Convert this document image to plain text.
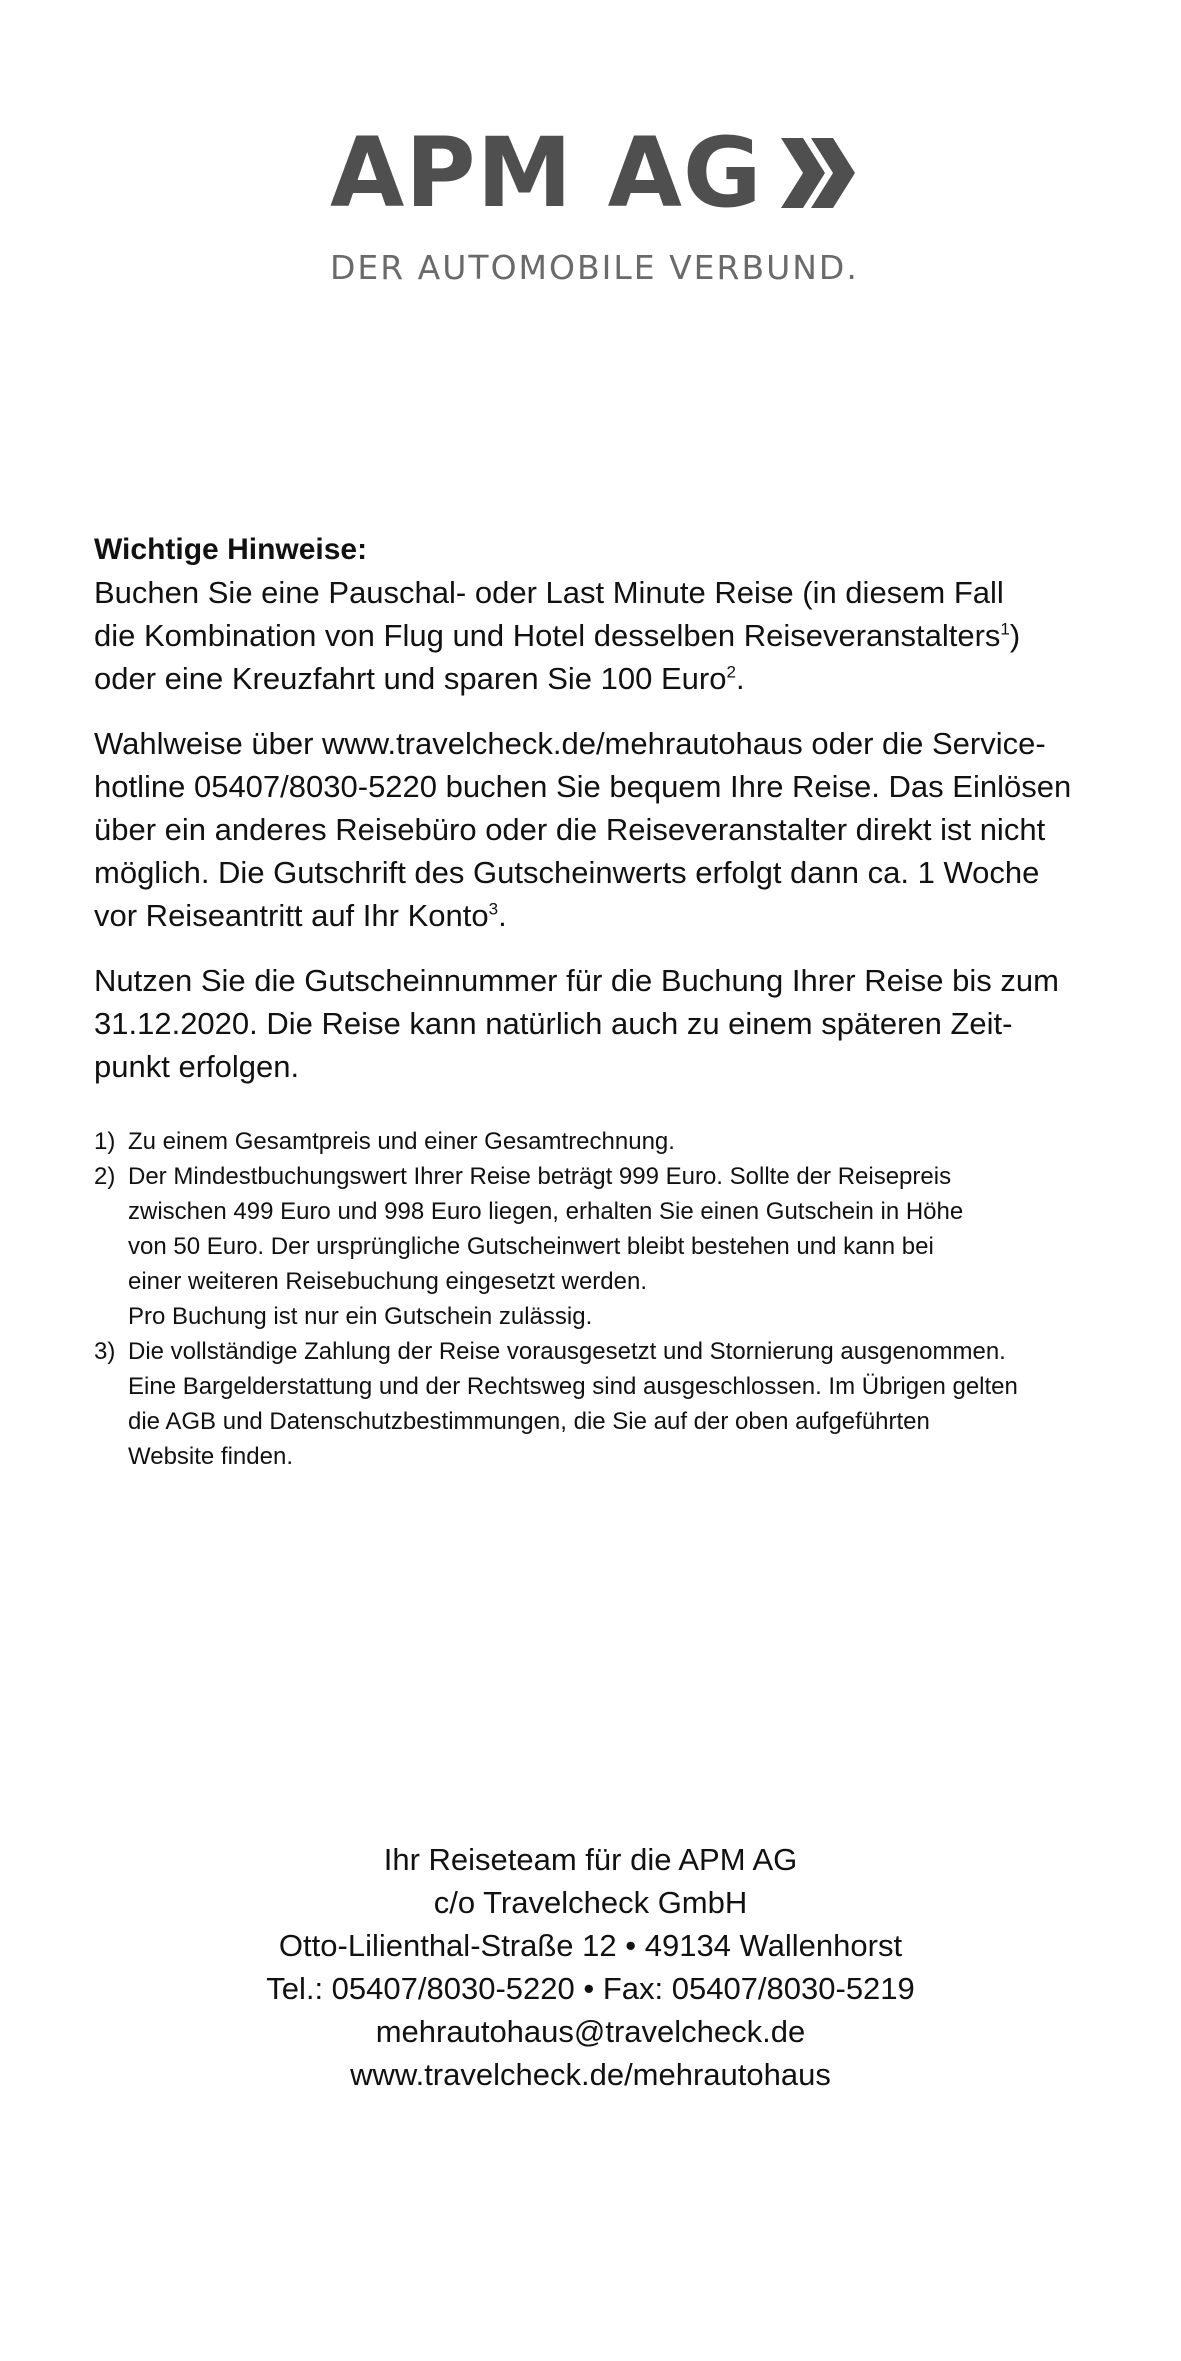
APM AG
DER AUTOMOBILE VERBUND.

Wichtige Hinweise:

Buchen Sie eine Pauschal- oder Last Minute Reise (in diesem Fall
die Kombination von Flug und Hotel desselben Reiseveranstalters$^1$)
oder eine Kreuzfahrt und sparen Sie 100 Euro$^2$.

Wahlweise über www.travelcheck.de/mehrautohaus oder die Service-
hotline 05407/8030-5220 buchen Sie bequem Ihre Reise. Das Einlösen
über ein anderes Reisebüro oder die Reiseveranstalter direkt ist nicht
möglich. Die Gutschrift des Gutscheinwerts erfolgt dann ca. 1 Woche
vor Reiseantritt auf Ihr Konto$^3$.

Nutzen Sie die Gutscheinnummer für die Buchung Ihrer Reise bis zum
31.12.2020. Die Reise kann natürlich auch zu einem späteren Zeit-
punkt erfolgen.

1) Zu einem Gesamtpreis und einer Gesamtrechnung.
2) Der Mindestbuchungswert Ihrer Reise beträgt 999 Euro. Sollte der Reisepreis
zwischen 499 Euro und 998 Euro liegen, erhalten Sie einen Gutschein in Höhe
von 50 Euro. Der ursprüngliche Gutscheinwert bleibt bestehen und kann bei
einer weiteren Reisebuchung eingesetzt werden.
Pro Buchung ist nur ein Gutschein zulässig.
3) Die vollständige Zahlung der Reise vorausgesetzt und Stornierung ausgenommen.
Eine Bargelderstattung und der Rechtsweg sind ausgeschlossen. Im Übrigen gelten
die AGB und Datenschutzbestimmungen, die Sie auf der oben aufgeführten
Website finden.
Ihr Reiseteam für die APM AG
c/o Travelcheck GmbH
Otto-Lilienthal-Straße 12 • 49134 Wallenhorst
Tel.: 05407/8030-5220 • Fax: 05407/8030-5219
mehrautohaus@travelcheck.de
www.travelcheck.de/mehrautohaus
